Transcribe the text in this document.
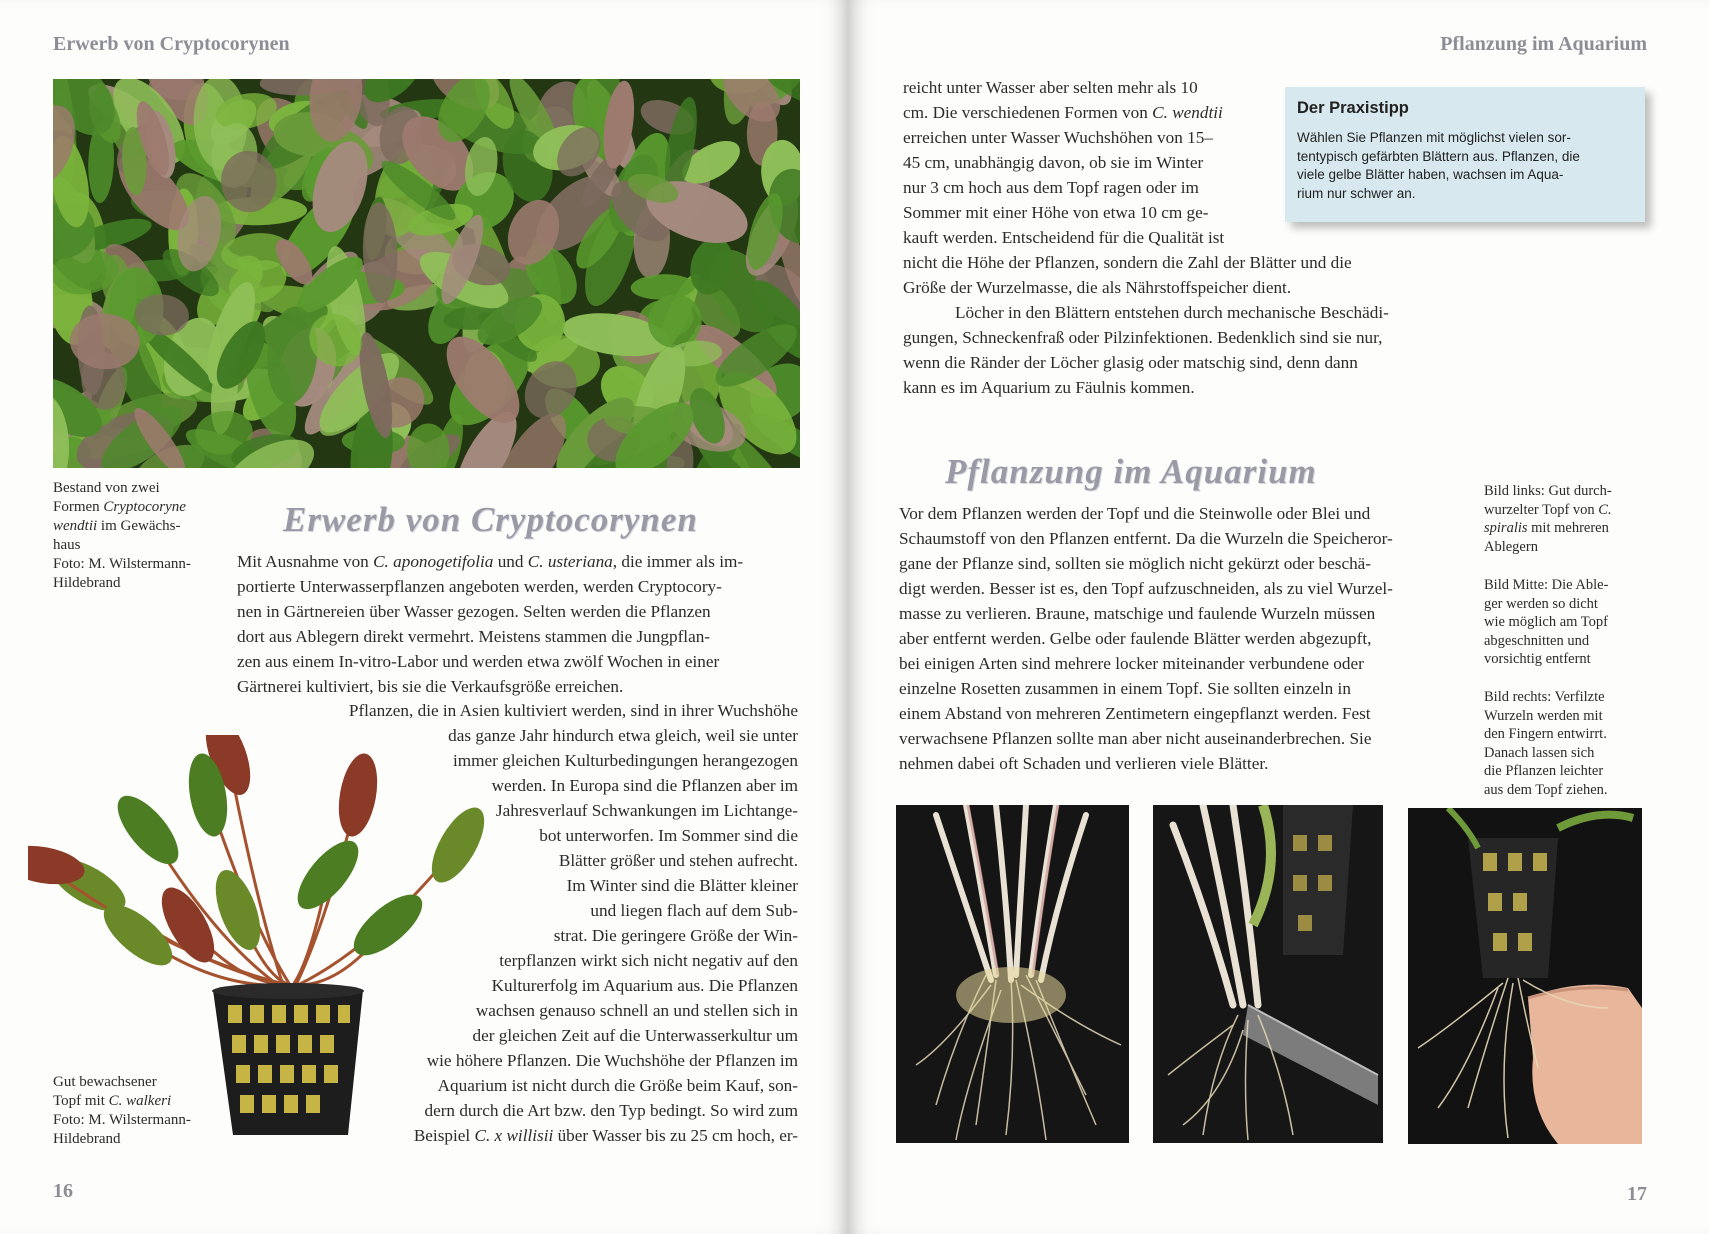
Erwerb von Cryptocorynen
Bestand von zwei
Formen Cryptocoryne
wendtii im Gewächs-
haus
Foto: M. Wilstermann-
Hildebrand
Erwerb von Cryptocorynen
Mit Ausnahme von C. aponogetifolia und C. usteriana, die immer als im-
portierte Unterwasserpflanzen angeboten werden, werden Cryptocory-
nen in Gärtnereien über Wasser gezogen. Selten werden die Pflanzen
dort aus Ablegern direkt vermehrt. Meistens stammen die Jungpflan-
zen aus einem In-vitro-Labor und werden etwa zwölf Wochen in einer
Gärtnerei kultiviert, bis sie die Verkaufsgröße erreichen.
Pflanzen, die in Asien kultiviert werden, sind in ihrer Wuchshöhe
das ganze Jahr hindurch etwa gleich, weil sie unter
immer gleichen Kulturbedingungen herangezogen
werden. In Europa sind die Pflanzen aber im
Jahresverlauf Schwankungen im Lichtange-
bot unterworfen. Im Sommer sind die
Blätter größer und stehen aufrecht.
Im Winter sind die Blätter kleiner
und liegen flach auf dem Sub-
strat. Die geringere Größe der Win-
terpflanzen wirkt sich nicht negativ auf den
Kulturerfolg im Aquarium aus. Die Pflanzen
wachsen genauso schnell an und stellen sich in
der gleichen Zeit auf die Unterwasserkultur um
wie höhere Pflanzen. Die Wuchshöhe der Pflanzen im
Aquarium ist nicht durch die Größe beim Kauf, son-
dern durch die Art bzw. den Typ bedingt. So wird zum
Beispiel C. x willisii über Wasser bis zu 25 cm hoch, er-
Gut bewachsener
Topf mit C. walkeri
Foto: M. Wilstermann-
Hildebrand
16
Pflanzung im Aquarium
reicht unter Wasser aber selten mehr als 10
cm. Die verschiedenen Formen von C. wendtii
erreichen unter Wasser Wuchshöhen von 15–
45 cm, unabhängig davon, ob sie im Winter
nur 3 cm hoch aus dem Topf ragen oder im
Sommer mit einer Höhe von etwa 10 cm ge-
kauft werden. Entscheidend für die Qualität ist
nicht die Höhe der Pflanzen, sondern die Zahl der Blätter und die
Größe der Wurzelmasse, die als Nährstoffspeicher dient.
Löcher in den Blättern entstehen durch mechanische Beschädi-
gungen, Schneckenfraß oder Pilzinfektionen. Bedenklich sind sie nur,
wenn die Ränder der Löcher glasig oder matschig sind, denn dann
kann es im Aquarium zu Fäulnis kommen.
Der Praxistipp
Wählen Sie Pflanzen mit möglichst vielen sor-
tentypisch gefärbten Blättern aus. Pflanzen, die
viele gelbe Blätter haben, wachsen im Aqua-
rium nur schwer an.
Pflanzung im Aquarium
Vor dem Pflanzen werden der Topf und die Steinwolle oder Blei und
Schaumstoff von den Pflanzen entfernt. Da die Wurzeln die Speicheror-
gane der Pflanze sind, sollten sie möglich nicht gekürzt oder beschä-
digt werden. Besser ist es, den Topf aufzuschneiden, als zu viel Wurzel-
masse zu verlieren. Braune, matschige und faulende Wurzeln müssen
aber entfernt werden. Gelbe oder faulende Blätter werden abgezupft,
bei einigen Arten sind mehrere locker miteinander verbundene oder
einzelne Rosetten zusammen in einem Topf. Sie sollten einzeln in
einem Abstand von mehreren Zentimetern eingepflanzt werden. Fest
verwachsene Pflanzen sollte man aber nicht auseinanderbrechen. Sie
nehmen dabei oft Schaden und verlieren viele Blätter.
Bild links: Gut durch-
wurzelter Topf von C.
spiralis mit mehreren
Ablegern
Bild Mitte: Die Able-
ger werden so dicht
wie möglich am Topf
abgeschnitten und
vorsichtig entfernt
Bild rechts: Verfilzte
Wurzeln werden mit
den Fingern entwirrt.
Danach lassen sich
die Pflanzen leichter
aus dem Topf ziehen.
17
